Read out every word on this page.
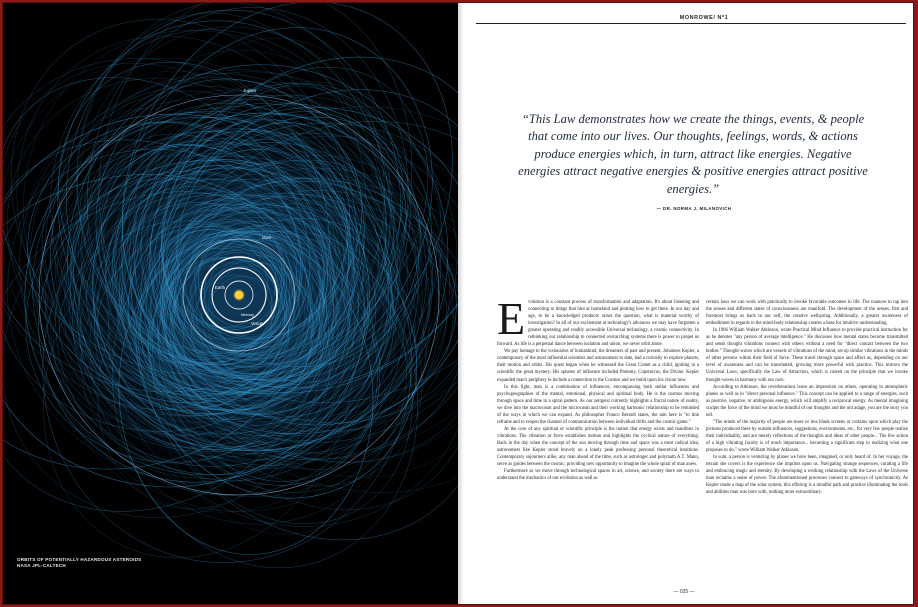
Jupiter
Mars
Earth
Venus
Mercury
ORBITS OF POTENTIALLY HAZARDOUS ASTEROIDS
NASA JPL-CALTECH
MONROWE/ Nº1
“This Law demonstrates how we create the things, events, & people that come into our lives. Our thoughts, feelings, words, & actions produce energies which, in turn, attract like energies. Negative energies attract negative energies & positive energies attract positive energies.”
— DR. NORMA J. MILANOVICH
E volution is a constant process of transformation and adaptation. It's about listening and connecting to things that hint at homeland and plotting how to get there. In our day and age, to be a knowledged producer raises the question, what is material worthy of investigation? In all of our excitement at technology's advances we may have forgotten a greater operating and readily accessible Universal technology, a cosmic connectivity. In rethinking our relationship to connected overarching systems there is power to propel us forward. As life is a perpetual dance between isolation and union, we never orbit alone.

We pay homage to the visionaries of humankind, the dreamers of past and present. Johannes Kepler, a contemporary of the most influential scientists and astronomers to date, had a curiosity to explore planets, their motion and orbits. His quest began when he witnessed the Great Comet as a child, igniting in a scientific the great mystery. His spheres of influence included Ptolemy, Copernicus, the Divine. Kepler expanded man's periphery to include a connection to the Cosmos and we build upon his vision now.

In this light, man is a combination of influences, encompassing both stellar influences and psychogeographies of the mental, emotional, physical and spiritual body. He is the cosmos moving through space and time in a spiral pattern. As our zeitgeist currently highlights a fractal nature of reality, we dive into the macrocosm and the microcosm and their working harmonic relationship to be reminded of the ways in which we can expand. As philosopher Franco Berardi states, the aim here is "to link reframe and to reopen the channel of communication between individual drifts and the cosmic game."

At the core of any spiritual or scientific principle is the notion that energy exists and manifests in vibrations. The vibration or force establishes motion and highlights the cyclical nature of everything. Back in the day when the concept of the sun moving through time and space was a most radical idea, astronomers like Kepler stood bravely on a lonely peak professing personal theoretical intuitions. Contemporary sojourners alike, any man ahead of the time, such as astrologer and polymath A.T. Mann, serve as guides between the cosmic, providing new opportunity to imagine the whole spiral of man anew.

Furthermore as we move through technological spaces in art, science, and society there are ways to understand the mechanics of our evolution as well as

certain laws we can work with practically to invoke favorable outcomes in life. The nuances to tap into the senses and different states of consciousness are manifold. The development of the senses, first and foremost brings us back to our self, the creative wellspring. Additionally, a greater awareness of embodiment in regards to the mind-body relationship creates a base for intuitive understanding.

In 1906 William Walker Atkinson, wrote Practical Mind Influence to provide practical instruction for as he denotes "any person of average intelligence." He discusses how mental states become transmitted and sends thought vibrations connect with others without a need for "direct contact between the two bodies." Thought-waves which are vessels of vibrations of the mind, set up similar vibrations in the minds of other persons within their field of force. These travel through space and affect us, depending on our level of awareness and can be transmuted, growing more powerful with practice. This mirrors the Universal Laws, specifically the Law of Attraction, which is rooted on the principle that we invoke thought-waves in harmony with our own.

According to Atkinson, the reverberations leave an impression on others, operating in atmospheric planes as well as in "direct personal influence." This concept can be applied to a range of energies, such as positive, negative, or ambiguous energy, which will amplify a reciprocal energy. As mental imagining sculpts the force of the mind we must be mindful of our thoughts and the old adage, you are the story you tell.

"The minds of the majority of people are more or less blank screens or curtains upon which play the pictures produced there by outside influences, suggestions, environments, etc., for very few people realize their individuality, and are merely reflections of the thoughts and ideas of other people... The few action of a high vibrating faculty is of much importance... becoming a significant step in realizing what one proposes to do." wrote William Walker Atkinson.

In sum, a person is venturing by planes we have been, imagined, or only heard of. In her voyage, the terrain she covers is the experience she imprints upon us. Navigating strange sequences, curating a life and embracing magic and eternity. By developing a working relationship with the Laws of the Universe man reclaims a sense of power. The aforementioned processes connect to gateways of synchronicity. As Kepler made a map of the solar system, this offering is a mindful path and practice illuminating the tools and abilities man was born with, nothing more extraordinary.

— 025 —
